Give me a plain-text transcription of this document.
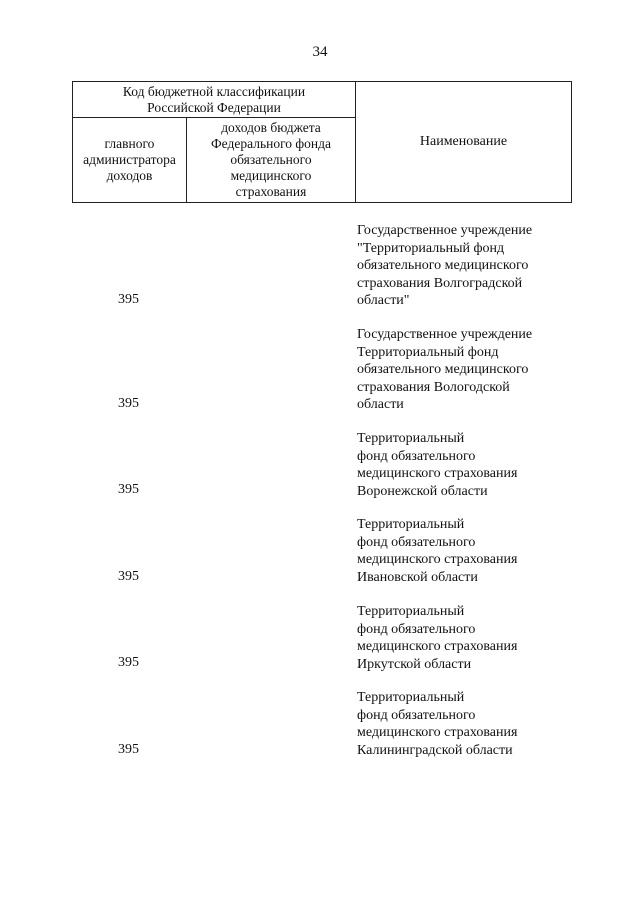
34
Код бюджетной классификации
Российской Федерации
главного
администратора
доходов
доходов бюджета
Федерального фонда
обязательного
медицинского
страхования
Наименование
Государственное учреждение
"Территориальный фонд
обязательного медицинского
страхования Волгоградской
области"
395
Государственное учреждение
Территориальный фонд
обязательного медицинского
страхования Вологодской
области
395
Территориальный
фонд обязательного
медицинского страхования
Воронежской области
395
Территориальный
фонд обязательного
медицинского страхования
Ивановской области
395
Территориальный
фонд обязательного
медицинского страхования
Иркутской области
395
Территориальный
фонд обязательного
медицинского страхования
Калининградской области
395
